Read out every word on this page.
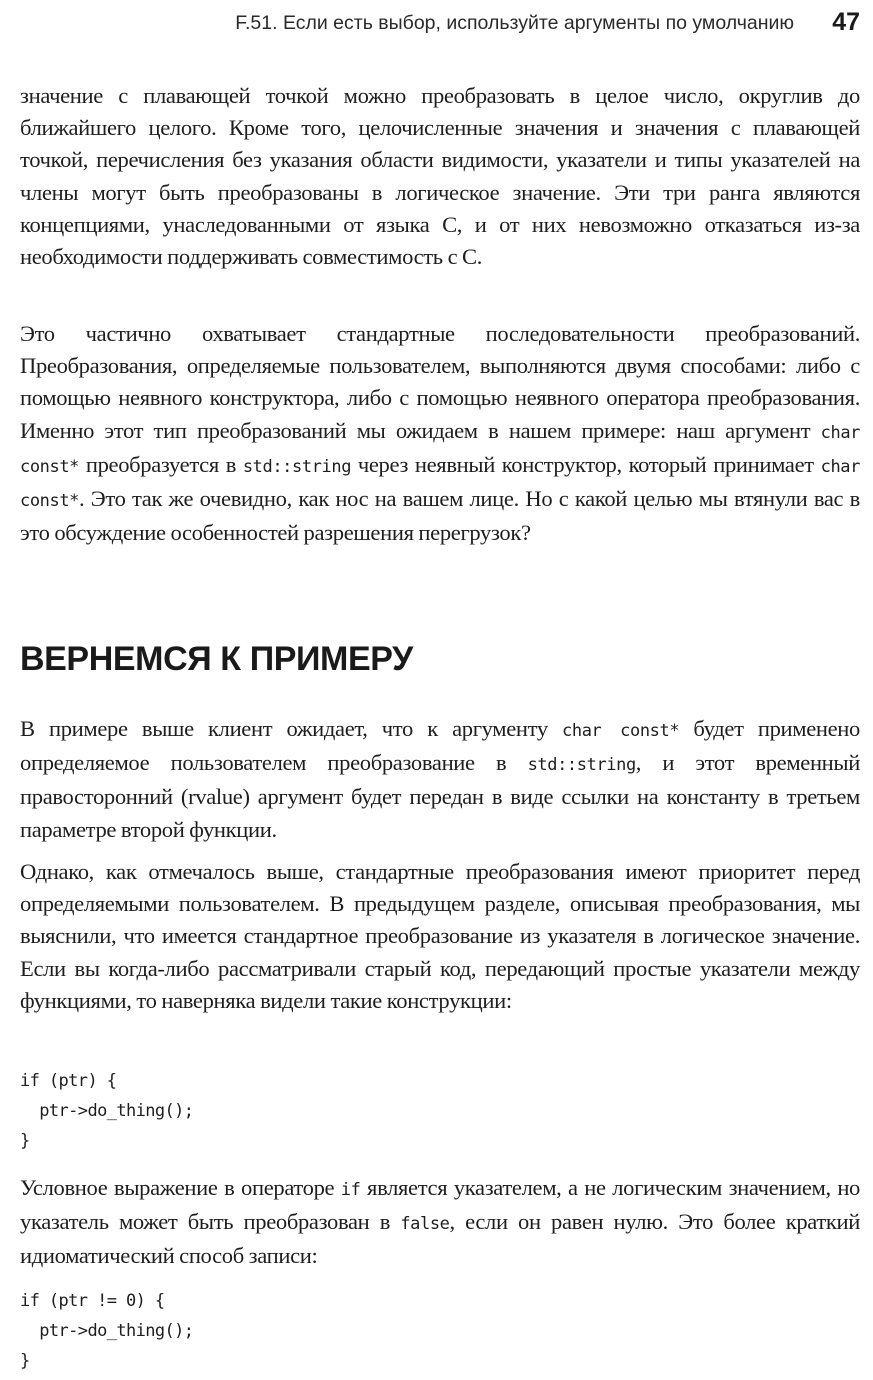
F.51. Если есть выбор, используйте аргументы по умолчанию 47

значение с плавающей точкой можно преобразовать в целое число, округлив до ближайшего целого. Кроме того, целочисленные значения и значения с плавающей точкой, перечисления без указания области видимости, указатели и типы указателей на члены могут быть преобразованы в логическое значение. Эти три ранга являются концепциями, унаследованными от языка C, и от них невозможно отказаться из-за необходимости поддерживать совместимость с C.

Это частично охватывает стандартные последовательности преобразований. Преобразования, определяемые пользователем, выполняются двумя способами: либо с помощью неявного конструктора, либо с помощью неявного оператора преобразования. Именно этот тип преобразований мы ожидаем в нашем примере: наш аргумент char const* преобразуется в std::string через неявный конструктор, который принимает char const*. Это так же очевидно, как нос на вашем лице. Но с какой целью мы втянули вас в это обсуждение особенностей разрешения перегрузок?

ВЕРНЕМСЯ К ПРИМЕРУ

В примере выше клиент ожидает, что к аргументу char const* будет применено определяемое пользователем преобразование в std::string, и этот временный правосторонний (rvalue) аргумент будет передан в виде ссылки на константу в третьем параметре второй функции.

Однако, как отмечалось выше, стандартные преобразования имеют приоритет перед определяемыми пользователем. В предыдущем разделе, описывая преобразования, мы выяснили, что имеется стандартное преобразование из указателя в логическое значение. Если вы когда-либо рассматривали старый код, передающий простые указатели между функциями, то наверняка видели такие конструкции:

if (ptr) {
ptr->do_thing();
}

Условное выражение в операторе if является указателем, а не логическим значением, но указатель может быть преобразован в false, если он равен нулю. Это более краткий идиоматический способ записи:

if (ptr != 0) {
ptr->do_thing();
}
